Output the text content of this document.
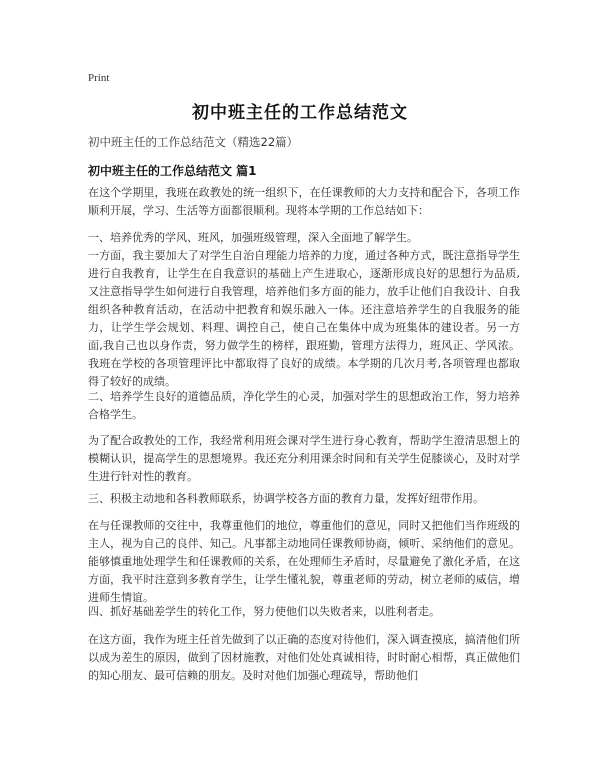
Print
初中班主任的工作总结范文
初中班主任的工作总结范文（精选22篇）
初中班主任的工作总结范文 篇1

在这个学期里，我班在政教处的统一组织下，在任课教师的大力支持和配合下，各项工作顺利开展，学习、生活等方面都很顺利。现将本学期的工作总结如下：

一、培养优秀的学风、班风，加强班级管理，深入全面地了解学生。

一方面，我主要加大了对学生自治自理能力培养的力度，通过各种方式，既注意指导学生进行自我教育，让学生在自我意识的基础上产生进取心，逐渐形成良好的思想行为品质,又注意指导学生如何进行自我管理，培养他们多方面的能力，放手让他们自我设计、自我组织各种教育活动，在活动中把教育和娱乐融入一体。还注意培养学生的自我服务的能力，让学生学会规划、料理、调控自己，使自己在集体中成为班集体的建设者。另一方面,我自己也以身作责，努力做学生的榜样，跟班勤，管理方法得力，班风正、学风浓。我班在学校的各项管理评比中都取得了良好的成绩。本学期的几次月考,各项管理也都取得了较好的成绩。

二、培养学生良好的道德品质，净化学生的心灵，加强对学生的思想政治工作，努力培养合格学生。

为了配合政教处的工作，我经常利用班会课对学生进行身心教育，帮助学生澄清思想上的模糊认识，提高学生的思想境界。我还充分利用课余时间和有关学生促膝谈心，及时对学生进行针对性的教育。

三、积极主动地和各科教师联系，协调学校各方面的教育力量，发挥好纽带作用。

在与任课教师的交往中，我尊重他们的地位，尊重他们的意见，同时又把他们当作班级的主人，视为自己的良伴、知己。凡事都主动地同任课教师协商，倾听、采纳他们的意见。能够慎重地处理学生和任课教师的关系，在处理师生矛盾时，尽量避免了激化矛盾，在这方面，我平时注意到多教育学生，让学生懂礼貌，尊重老师的劳动，树立老师的威信，增进师生情谊。

四、抓好基础差学生的转化工作，努力使他们以失败者来，以胜利者走。

在这方面，我作为班主任首先做到了以正确的态度对待他们，深入调查摸底，搞清他们所以成为差生的原因，做到了因材施教，对他们处处真诚相待，时时耐心相帮，真正做他们的知心朋友、最可信赖的朋友。及时对他们加强心理疏导，帮助他们
